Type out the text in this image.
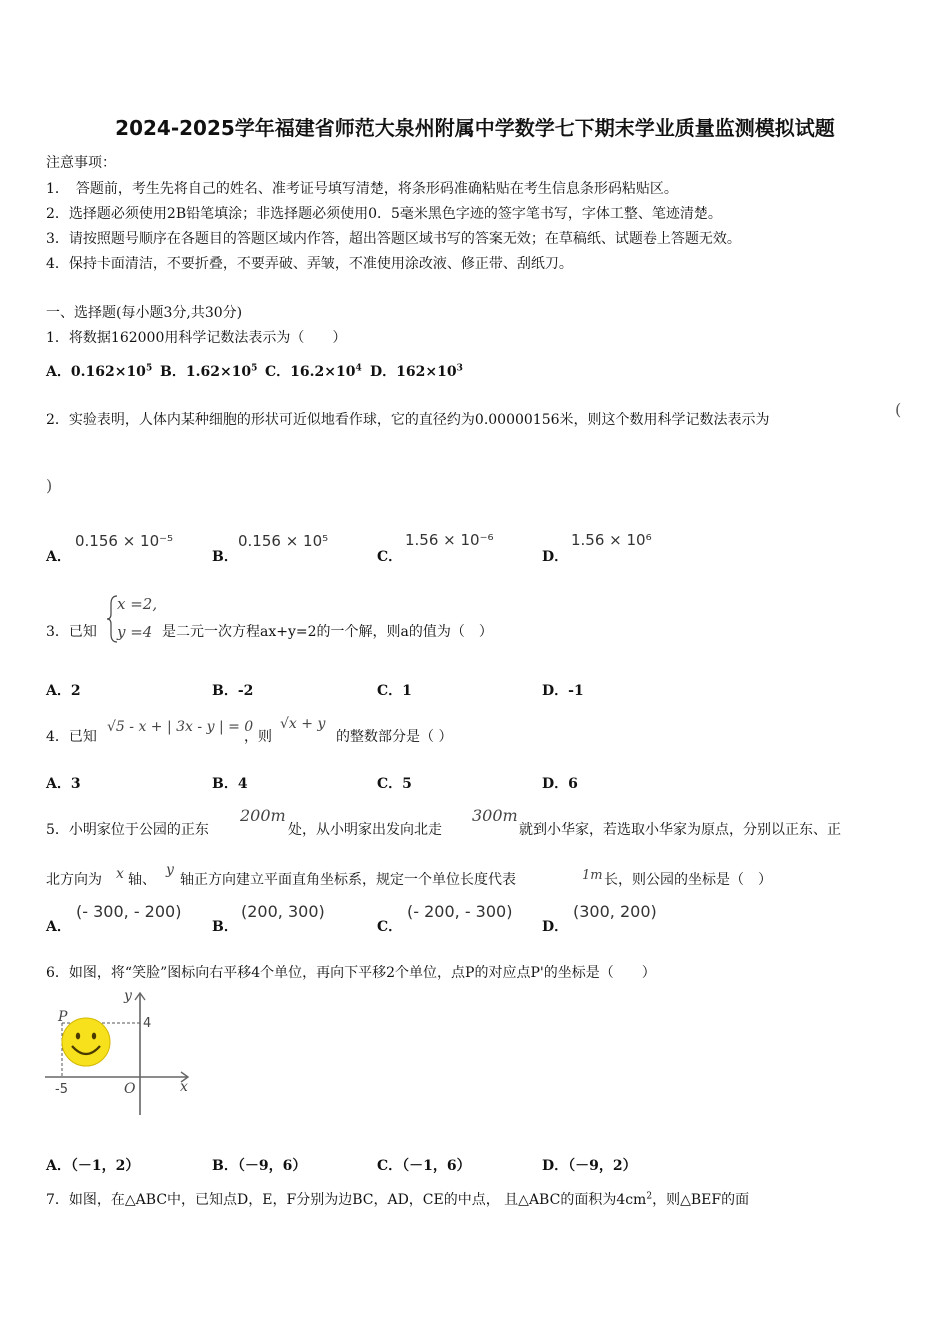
2024-2025学年福建省师范大泉州附属中学数学七下期末学业质量监测模拟试题
注意事项：
1．　答题前，考生先将自己的姓名、准考证号填写清楚，将条形码准确粘贴在考生信息条形码粘贴区。
2．选择题必须使用2B铅笔填涂；非选择题必须使用0．5毫米黑色字迹的签字笔书写，字体工整、笔迹清楚。
3．请按照题号顺序在各题目的答题区域内作答，超出答题区域书写的答案无效；在草稿纸、试题卷上答题无效。
4．保持卡面清洁，不要折叠，不要弄破、弄皱，不准使用涂改液、修正带、刮纸刀。
一、选择题(每小题3分,共30分)
1．将数据162000用科学记数法表示为（　　）
A．$0.162\times 10^5$ B．$1.62\times 10^5$ C．$16.2\times 10^4$ D．$162\times 10^3$
2．实验表明，人体内某种细胞的形状可近似地看作球，它的直径约为0.00000156米，则这个数用科学记数法表示为
(
)
A．
0.156 × 10⁻⁵
B．
0.156 × 10⁵
C．
1.56 × 10⁻⁶
D．
1.56 × 10⁶
3．已知
x =2,
y =4 是二元一次方程ax+y=2的一个解，则a的值为（　）
A．2	B．-2	C．1	D．-1
4．已知
√5 - x + | 3x - y | = 0
，则
√x + y
的整数部分是（ ）
A．3	B．4	C．5	D．6
5．小明家位于公园的正东
200m
处，从小明家出发向北走
300m
就到小华家，若选取小华家为原点，分别以正东、正
北方向为 x 轴、
y
轴正方向建立平面直角坐标系，规定一个单位长度代表	1m 长，则公园的坐标是（　）
A．
(- 300, - 200)
B．
(200, 300)
C．
(- 200, - 300)
D．
(300, 200)
6．如图，将“笑脸”图标向右平移4个单位，再向下平移2个单位，点P的对应点P'的坐标是（　　）
y
x
P	4
-5	O
A．（－1，2）	B．（－9，6）	C．（－1，6）	D．（－9，2）
7．如图，在△ABC中，已知点D，E，F分别为边BC，AD，CE的中点， 且△ABC的面积为$4cm^2$，则△BEF的面
